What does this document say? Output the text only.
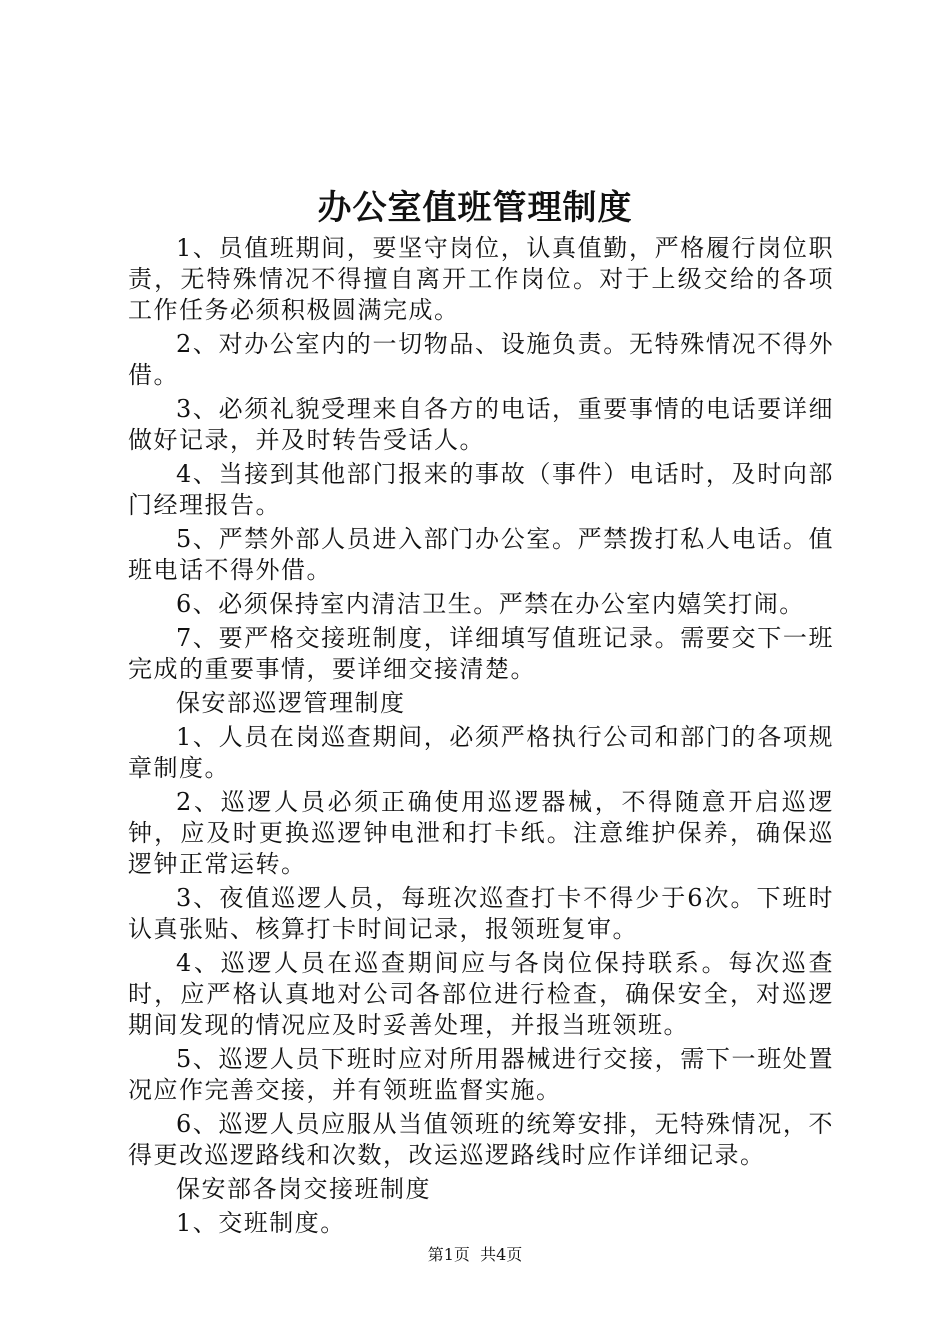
办公室值班管理制度

1、员值班期间，要坚守岗位，认真值勤，严格履行岗位职责，无特殊情况不得擅自离开工作岗位。对于上级交给的各项工作任务必须积极圆满完成。

2、对办公室内的一切物品、设施负责。无特殊情况不得外借。

3、必须礼貌受理来自各方的电话，重要事情的电话要详细做好记录，并及时转告受话人。

4、当接到其他部门报来的事故（事件）电话时，及时向部门经理报告。

5、严禁外部人员进入部门办公室。严禁拨打私人电话。值班电话不得外借。

6、必须保持室内清洁卫生。严禁在办公室内嬉笑打闹。

7、要严格交接班制度，详细填写值班记录。需要交下一班完成的重要事情，要详细交接清楚。

保安部巡逻管理制度

1、人员在岗巡查期间，必须严格执行公司和部门的各项规章制度。

2、巡逻人员必须正确使用巡逻器械，不得随意开启巡逻钟，应及时更换巡逻钟电泄和打卡纸。注意维护保养，确保巡逻钟正常运转。

3、夜值巡逻人员，每班次巡查打卡不得少于6次。下班时认真张贴、核算打卡时间记录，报领班复审。

4、巡逻人员在巡查期间应与各岗位保持联系。每次巡查时，应严格认真地对公司各部位进行检查，确保安全，对巡逻期间发现的情况应及时妥善处理，并报当班领班。

5、巡逻人员下班时应对所用器械进行交接，需下一班处置况应作完善交接，并有领班监督实施。

6、巡逻人员应服从当值领班的统筹安排，无特殊情况，不得更改巡逻路线和次数，改运巡逻路线时应作详细记录。

保安部各岗交接班制度

1、交班制度。

第1页  共4页
